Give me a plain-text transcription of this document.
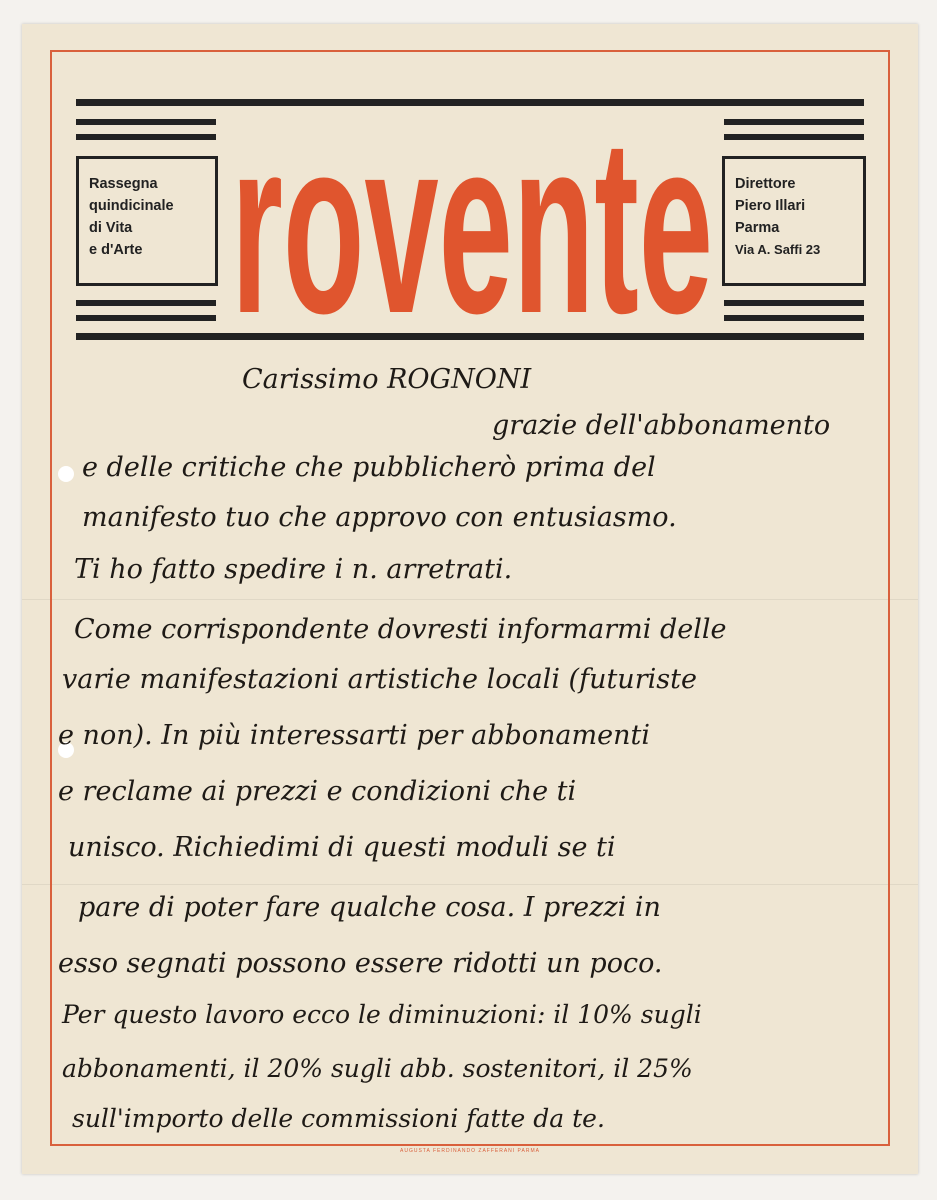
Rassegna
quindicinale
di Vita
e d'Arte rovente Direttore
Piero Illari
Parma
Via A. Saffi 23
Carissimo ROGNONI
grazie dell'abbonamento
e delle critiche che pubblicherò prima del
manifesto tuo che approvo con entusiasmo.
Ti ho fatto spedire i n. arretrati.
Come corrispondente dovresti informarmi delle
varie manifestazioni artistiche locali (futuriste
e non). In più interessarti per abbonamenti
e reclame ai prezzi e condizioni che ti
unisco. Richiedimi di questi moduli se ti
pare di poter fare qualche cosa. I prezzi in
esso segnati possono essere ridotti un poco.
Per questo lavoro ecco le diminuzioni: il 10% sugli
abbonamenti, il 20% sugli abb. sostenitori, il 25%
sull'importo delle commissioni fatte da te.
AUGUSTA FERDINANDO ZAFFERANI PARMA
